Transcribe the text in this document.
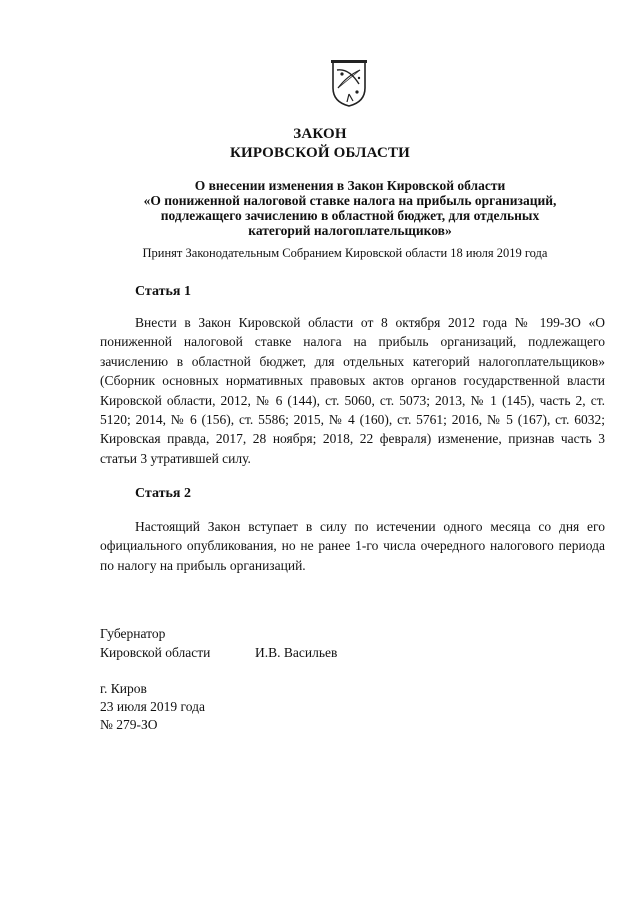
ЗАКОН
КИРОВСКОЙ ОБЛАСТИ
О внесении изменения в Закон Кировской области
«О пониженной налоговой ставке налога на прибыль организаций,
подлежащего зачислению в областной бюджет, для отдельных
категорий налогоплательщиков»
Принят Законодательным Собранием Кировской области 18 июля 2019 года
Статья 1
Внести в Закон Кировской области от 8 октября 2012 года № 199-ЗО «О пониженной налоговой ставке налога на прибыль организаций, подлежащего зачислению в областной бюджет, для отдельных категорий налогоплательщиков» (Сборник основных нормативных правовых актов органов государственной власти Кировской области, 2012, № 6 (144), ст. 5060, ст. 5073; 2013, № 1 (145), часть 2, ст. 5120; 2014, № 6 (156), ст. 5586; 2015, № 4 (160), ст. 5761; 2016, № 5 (167), ст. 6032; Кировская правда, 2017, 28 ноября; 2018, 22 февраля) изменение, признав часть 3 статьи 3 утратившей силу.
Статья 2
Настоящий Закон вступает в силу по истечении одного месяца со дня его официального опубликования, но не ранее 1-го числа очередного налогового периода по налогу на прибыль организаций.
Губернатор
Кировской области	И.В. Васильев
г. Киров
23 июля 2019 года
№ 279-ЗО
